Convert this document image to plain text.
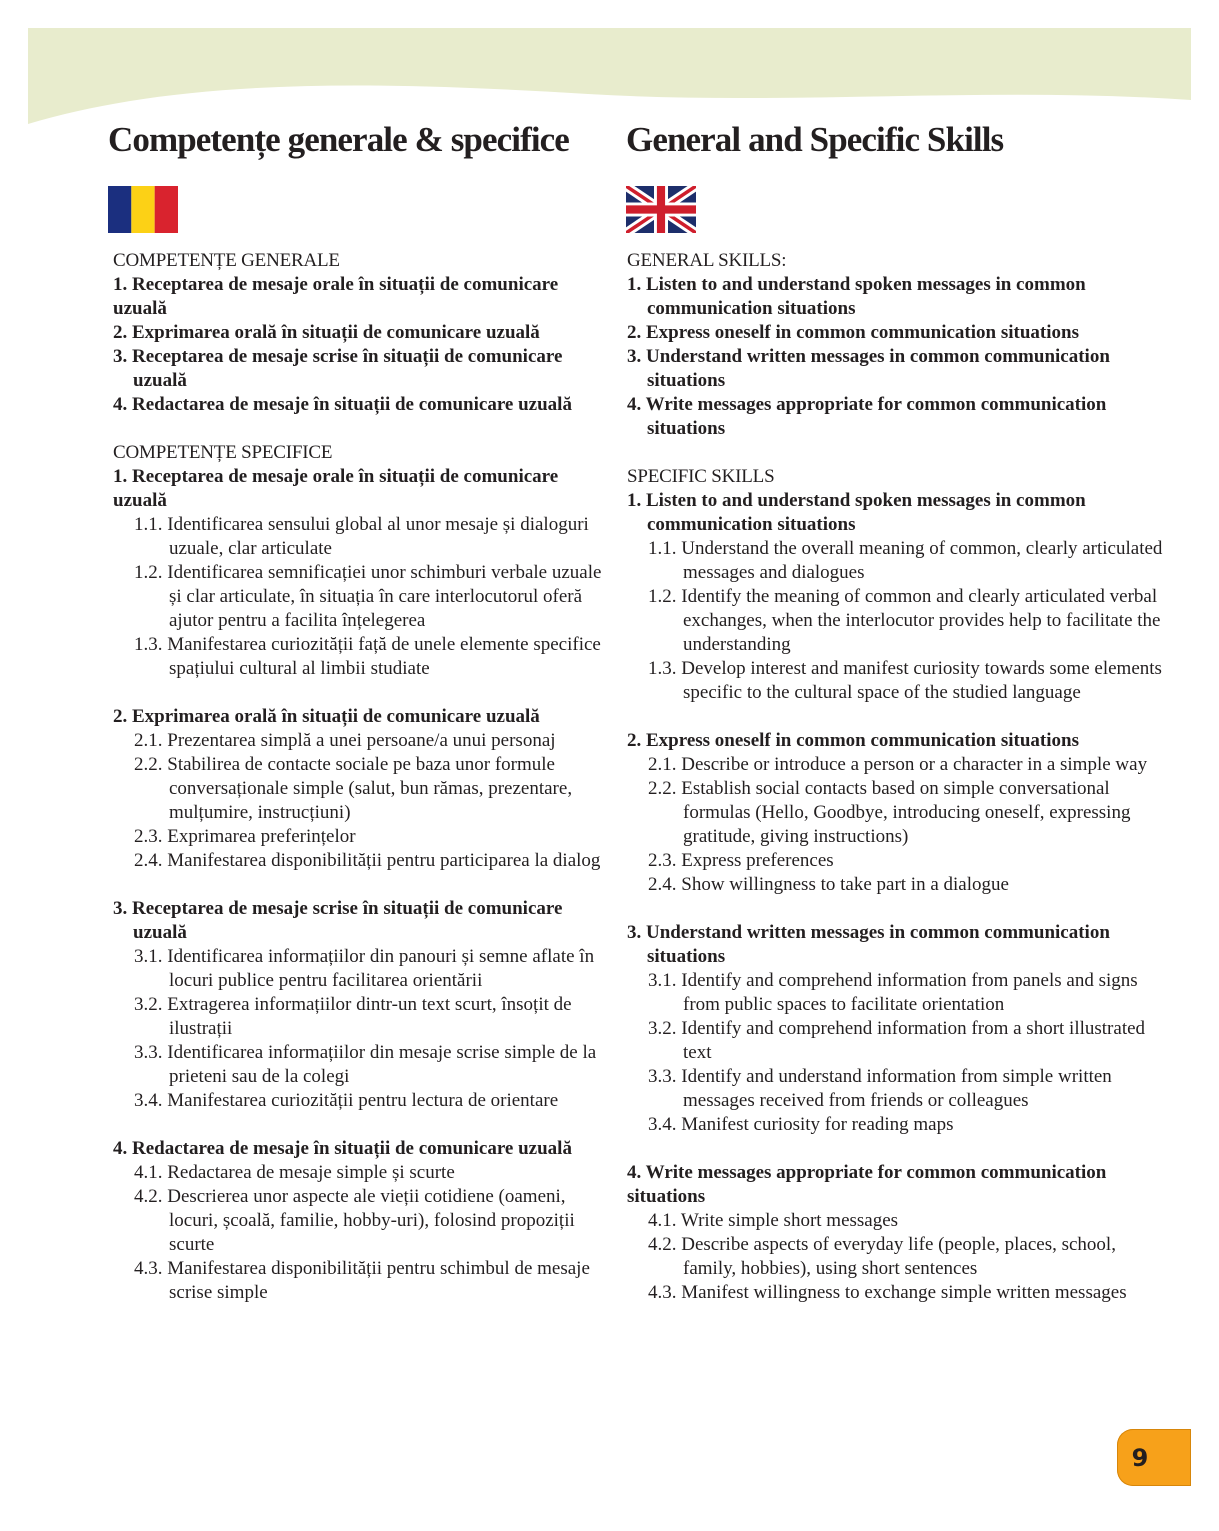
Competențe generale & specifice
COMPETENȚE GENERALE
1. Receptarea de mesaje orale în situații de comunicare uzuală
2. Exprimarea orală în situații de comunicare uzuală
3. Receptarea de mesaje scrise în situații de comunicare uzuală
4. Redactarea de mesaje în situații de comunicare uzuală
COMPETENȚE SPECIFICE
1. Receptarea de mesaje orale în situații de comunicare uzuală
1.1. Identificarea sensului global al unor mesaje și dialoguri uzuale, clar articulate
1.2. Identificarea semnificației unor schimburi verbale uzuale și clar articulate, în situația în care interlocutorul oferă ajutor pentru a facilita înțelegerea
1.3. Manifestarea curiozității față de unele elemente specifice spațiului cultural al limbii studiate
2. Exprimarea orală în situații de comunicare uzuală
2.1. Prezentarea simplă a unei persoane/a unui personaj
2.2. Stabilirea de contacte sociale pe baza unor formule conversaționale simple (salut, bun rămas, prezentare, mulțumire, instrucțiuni)
2.3. Exprimarea preferințelor
2.4. Manifestarea disponibilității pentru participarea la dialog
3. Receptarea de mesaje scrise în situații de comunicare uzuală
3.1. Identificarea informațiilor din panouri și semne aflate în locuri publice pentru facilitarea orientării
3.2. Extragerea informațiilor dintr-un text scurt, însoțit de ilustrații
3.3. Identificarea informațiilor din mesaje scrise simple de la prieteni sau de la colegi
3.4. Manifestarea curiozității pentru lectura de orientare
4. Redactarea de mesaje în situații de comunicare uzuală
4.1. Redactarea de mesaje simple și scurte
4.2. Descrierea unor aspecte ale vieții cotidiene (oameni, locuri, școală, familie, hobby-uri), folosind propoziții scurte
4.3. Manifestarea disponibilității pentru schimbul de mesaje scrise simple
General and Specific Skills
GENERAL SKILLS:
1. Listen to and understand spoken messages in common communication situations
2. Express oneself in common communication situations
3. Understand written messages in common communication situations
4. Write messages appropriate for common communication situations
SPECIFIC SKILLS
1. Listen to and understand spoken messages in common communication situations
1.1. Understand the overall meaning of common, clearly articulated messages and dialogues
1.2. Identify the meaning of common and clearly articulated verbal exchanges, when the interlocutor provides help to facilitate the understanding
1.3. Develop interest and manifest curiosity towards some elements specific to the cultural space of the studied language
2. Express oneself in common communication situations
2.1. Describe or introduce a person or a character in a simple way
2.2. Establish social contacts based on simple conversational formulas (Hello, Goodbye, introducing oneself, expressing gratitude, giving instructions)
2.3. Express preferences
2.4. Show willingness to take part in a dialogue
3. Understand written messages in common communication situations
3.1. Identify and comprehend information from panels and signs from public spaces to facilitate orientation
3.2. Identify and comprehend information from a short illustrated text
3.3. Identify and understand information from simple written messages received from friends or colleagues
3.4. Manifest curiosity for reading maps
4. Write messages appropriate for common communication situations
4.1. Write simple short messages
4.2. Describe aspects of everyday life (people, places, school, family, hobbies), using short sentences
4.3. Manifest willingness to exchange simple written messages
9
